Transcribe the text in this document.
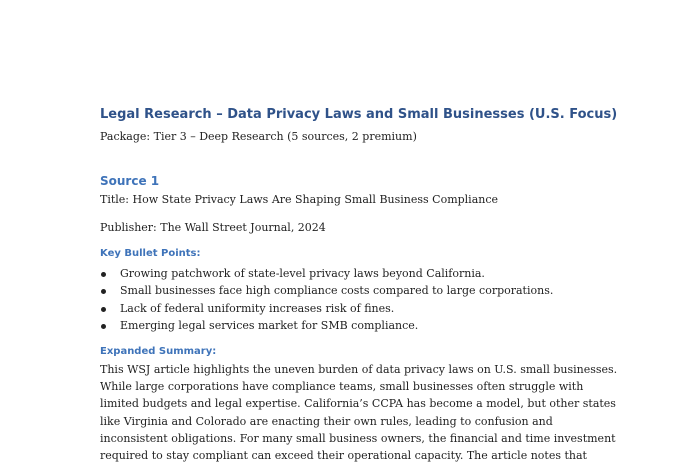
Legal Research – Data Privacy Laws and Small Businesses (U.S. Focus)

Package: Tier 3 – Deep Research (5 sources, 2 premium)

Source 1

Title: How State Privacy Laws Are Shaping Small Business Compliance

Publisher: The Wall Street Journal, 2024

Key Bullet Points:
Growing patchwork of state-level privacy laws beyond California.
Small businesses face high compliance costs compared to large corporations.
Lack of federal uniformity increases risk of fines.
Emerging legal services market for SMB compliance.
Expanded Summary:
This WSJ article highlights the uneven burden of data privacy laws on U.S. small businesses.
While large corporations have compliance teams, small businesses often struggle with
limited budgets and legal expertise. California’s CCPA has become a model, but other states
like Virginia and Colorado are enacting their own rules, leading to confusion and
inconsistent obligations. For many small business owners, the financial and time investment
required to stay compliant can exceed their operational capacity. The article notes that
